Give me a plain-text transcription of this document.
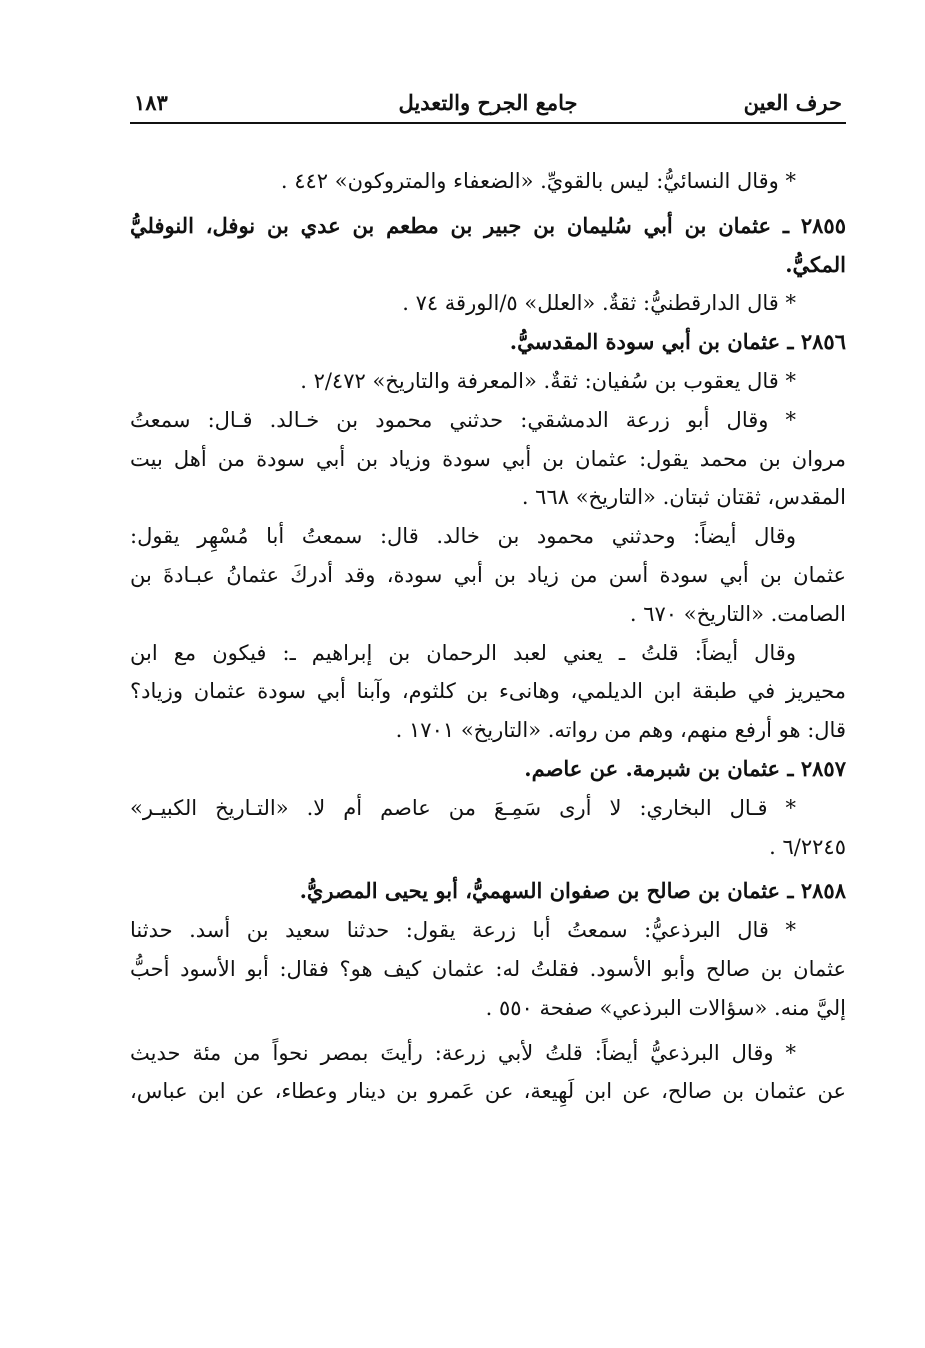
حرف العين
جامع الجرح والتعديل
١٨٣
* وقال النسائيُّ: ليس بالقويِّ. «الضعفاء والمتروكون» ٤٤٢ .
٢٨٥٥ ـ عثمان بن أبي سُليمان بن جبير بن مطعم بن عدي بن نوفل، النوفليُّ
المكيُّ.
* قال الدارقطنيُّ: ثقةٌ. «العلل» ٥/الورقة ٧٤ .
٢٨٥٦ ـ عثمان بن أبي سودة المقدسيُّ.
* قال يعقوب بن سُفيان: ثقةٌ. «المعرفة والتاريخ» ٢/٤٧٢ .
* وقال أبو زرعة الدمشقي: حدثني محمود بن خـالد. قـال: سمعتُ
مروان بن محمد يقول: عثمان بن أبي سودة وزياد بن أبي سودة من أهل بيت
المقدس، ثقتان ثبتان. «التاريخ» ٦٦٨ .
وقال أيضاً: وحدثني محمود بن خالد. قال: سمعتُ أبا مُسْهِر يقول:
عثمان بن أبي سودة أسن من زياد بن أبي سودة، وقد أدركَ عثمانُ عبـادةَ بن
الصامت. «التاريخ» ٦٧٠ .
وقال أيضاً: قلتُ ـ يعني لعبد الرحمان بن إبراهيم ـ: فيكون مع ابن
محيريز في طبقة ابن الديلمي، وهانىء بن كلثوم، وآبنا أبي سودة عثمان وزياد؟
قال: هو أرفع منهم، وهم من رواته. «التاريخ» ١٧٠١ .
٢٨٥٧ ـ عثمان بن شبرمة. عن عاصم.
* قـال البخاري: لا أرى سَمِـعَ من عاصم أم لا. «التـاريخ الكبيـر»
٦/٢٢٤٥ .
٢٨٥٨ ـ عثمان بن صالح بن صفوان السهميُّ، أبو يحيى المصريُّ.
* قال البرذعيُّ: سمعتُ أبا زرعة يقول: حدثنا سعيد بن أسد. حدثنا
عثمان بن صالح وأبو الأسود. فقلتُ له: عثمان كيف هو؟ فقال: أبو الأسود أحبُّ
إليَّ منه. «سؤالات البرذعي» صفحة ٥٥٠ .
* وقال البرذعيُّ أيضاً: قلتُ لأبي زرعة: رأيتَ بمصر نحواً من مئة حديث
عن عثمان بن صالح، عن ابن لَهِيعة، عن عَمرو بن دينار وعطاء، عن ابن عباس،
